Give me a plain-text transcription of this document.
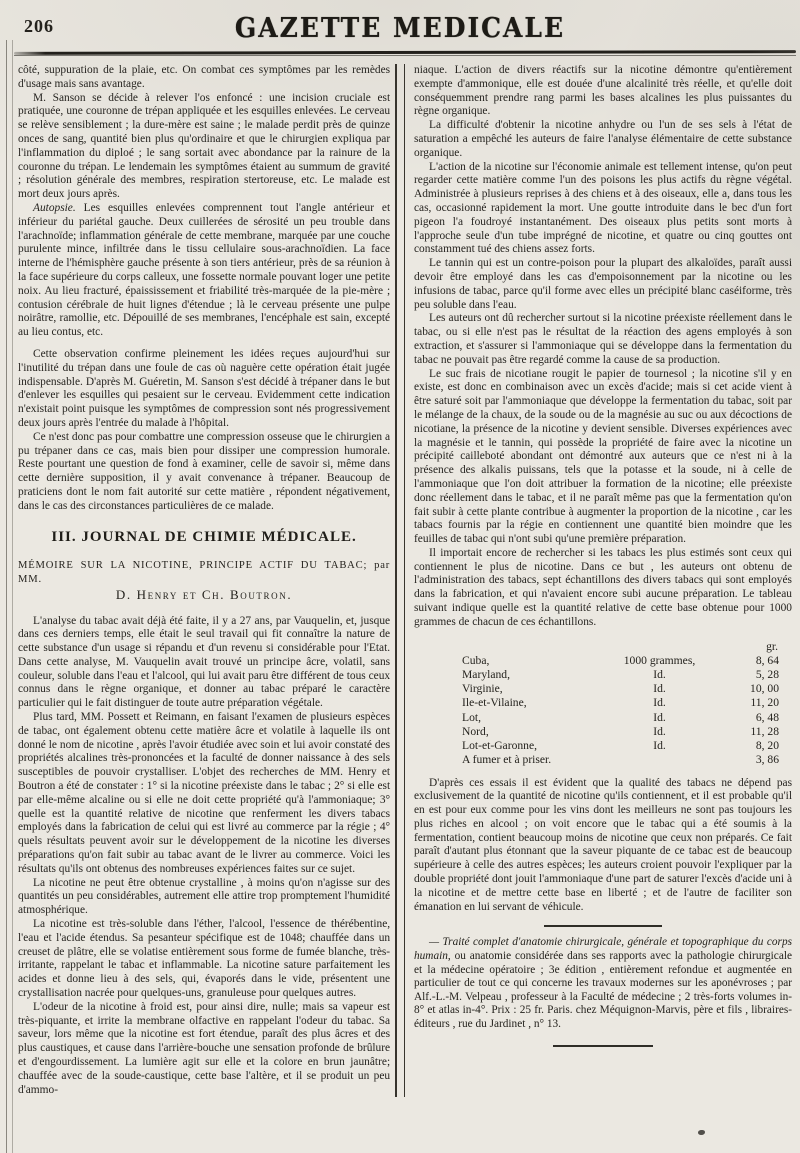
206	GAZETTE MEDICALE

côté, suppuration de la plaie, etc. On combat ces symptômes par les remèdes d'usage mais sans avantage.

M. Sanson se décide à relever l'os enfoncé : une incision cruciale est pratiquée, une couronne de trépan appliquée et les esquilles enlevées. Le cerveau se relève sensiblement ; la dure-mère est saine ; le malade perdit près de quinze onces de sang, quantité bien plus qu'ordinaire et que le chirurgien expliqua par l'inflammation du diploé ; le sang sortait avec abondance par la rainure de la couronne du trépan. Le lendemain les symptômes étaient au summum de gravité ; résolution générale des membres, respiration stertoreuse, etc. Le malade est mort deux jours après.

Autopsie. Les esquilles enlevées comprennent tout l'angle antérieur et inférieur du pariétal gauche. Deux cuillerées de sérosité un peu trouble dans l'arachnoïde; inflammation générale de cette membrane, marquée par une couche purulente mince, infiltrée dans le tissu cellulaire sous-arachnoïdien. La face interne de l'hémisphère gauche présente à son tiers antérieur, près de sa réunion à la face supérieure du corps calleux, une fossette normale pouvant loger une petite noix. Au lieu fracturé, épaississement et friabilité très-marquée de la pie-mère ; contusion cérébrale de huit lignes d'étendue ; là le cerveau présente une pulpe noirâtre, ramollie, etc. Dépouillé de ses membranes, l'encéphale est sain, excepté au lieu contus, etc.

Cette observation confirme pleinement les idées reçues aujourd'hui sur l'inutilité du trépan dans une foule de cas où naguère cette opération était jugée indispensable. D'après M. Guéretin, M. Sanson s'est décidé à trépaner dans le but d'enlever les esquilles qui pesaient sur le cerveau. Evidemment cette indication n'existait point puisque les symptômes de compression sont nés progressivement deux jours après l'entrée du malade à l'hôpital.

Ce n'est donc pas pour combattre une compression osseuse que le chirurgien a pu trépaner dans ce cas, mais bien pour dissiper une compression humorale. Reste pourtant une question de fond à examiner, celle de savoir si, même dans cette dernière supposition, il y avait convenance à trépaner. Beaucoup de praticiens dont le nom fait autorité sur cette matière , répondent négativement, dans le cas des circonstances particulières de ce malade.

III. JOURNAL DE CHIMIE MÉDICALE.

MÉMOIRE SUR LA NICOTINE, PRINCIPE ACTIF DU TABAC; par MM.

D. Henry et Ch. Boutron.

L'analyse du tabac avait déjà été faite, il y a 27 ans, par Vauquelin, et, jusque dans ces derniers temps, elle était le seul travail qui fit connaître la nature de cette substance d'un usage si répandu et d'un revenu si considérable pour l'Etat. Dans cette analyse, M. Vauquelin avait trouvé un principe âcre, volatil, sans couleur, soluble dans l'eau et l'alcool, qui lui avait paru être différent de tous ceux connus dans le règne organique, et donner au tabac préparé le caractère particulier qui le fait distinguer de toute autre préparation végétale.

Plus tard, MM. Possett et Reimann, en faisant l'examen de plusieurs espèces de tabac, ont également obtenu cette matière âcre et volatile à laquelle ils ont donné le nom de nicotine , après l'avoir étudiée avec soin et lui avoir constaté des propriétés alcalines très-prononcées et la faculté de donner naissance à des sels susceptibles de pouvoir crystalliser. L'objet des recherches de MM. Henry et Boutron a été de constater : 1° si la nicotine préexiste dans le tabac ; 2° si elle est par elle-même alcaline ou si elle ne doit cette propriété qu'à l'ammoniaque; 3° quelle est la quantité relative de nicotine que renferment les divers tabacs employés dans la fabrication de celui qui est livré au commerce par la régie ; 4° quels résultats peuvent avoir sur le développement de la nicotine les diverses préparations qu'on fait subir au tabac avant de le livrer au commerce. Voici les résultats qu'ils ont obtenus des nombreuses expériences faites sur ce sujet.

La nicotine ne peut être obtenue crystalline , à moins qu'on n'agisse sur des quantités un peu considérables, autrement elle attire trop promptement l'humidité atmosphérique.

La nicotine est très-soluble dans l'éther, l'alcool, l'essence de thérébentine, l'eau et l'acide étendus. Sa pesanteur spécifique est de 1048; chauffée dans un creuset de plâtre, elle se volatise entièrement sous forme de fumée blanche, très-irritante, rappelant le tabac et inflammable. La nicotine sature parfaitement les acides et donne lieu à des sels, qui, évaporés dans le vide, présentent une crystallisation nacrée pour quelques-uns, granuleuse pour quelques autres.

L'odeur de la nicotine à froid est, pour ainsi dire, nulle; mais sa vapeur est très-piquante, et irrite la membrane olfactive en rappelant l'odeur du tabac. Sa saveur, lors même que la nicotine est fort étendue, paraît des plus âcres et des plus caustiques, et cause dans l'arrière-bouche une sensation profonde de brûlure et d'engourdissement. La lumière agit sur elle et la colore en brun jaunâtre; chauffée avec de la soude-caustique, cette base l'altère, et il se produit un peu d'ammo-

niaque. L'action de divers réactifs sur la nicotine démontre qu'entièrement exempte d'ammonique, elle est douée d'une alcalinité très réelle, et qu'elle doit conséquemment prendre rang parmi les bases alcalines les plus puissantes du règne organique.

La difficulté d'obtenir la nicotine anhydre ou l'un de ses sels à l'état de saturation a empêché les auteurs de faire l'analyse élémentaire de cette substance organique.

L'action de la nicotine sur l'économie animale est tellement intense, qu'on peut regarder cette matière comme l'un des poisons les plus actifs du règne végétal. Administrée à plusieurs reprises à des chiens et à des oiseaux, elle a, dans tous les cas, occasionné rapidement la mort. Une goutte introduite dans le bec d'un fort pigeon l'a foudroyé instantanément. Des oiseaux plus petits sont morts à l'approche seule d'un tube imprégné de nicotine, et quatre ou cinq gouttes ont constamment tué des chiens assez forts.

Le tannin qui est un contre-poison pour la plupart des alkaloïdes, paraît aussi devoir être employé dans les cas d'empoisonnement par la nicotine ou les infusions de tabac, parce qu'il forme avec elles un précipité blanc caséiforme, très peu soluble dans l'eau.

Les auteurs ont dû rechercher surtout si la nicotine préexiste réellement dans le tabac, ou si elle n'est pas le résultat de la réaction des agens employés à son extraction, et s'assurer si l'ammoniaque qui se développe dans la fermentation du tabac ne pouvait pas être regardé comme la cause de sa production.

Le suc frais de nicotiane rougit le papier de tournesol ; la nicotine s'il y en existe, est donc en combinaison avec un excès d'acide; mais si cet acide vient à être saturé soit par l'ammoniaque que développe la fermentation du tabac, soit par le mélange de la chaux, de la soude ou de la magnésie au suc ou aux décoctions de nicotiane, la présence de la nicotine y devient sensible. Diverses expériences avec la magnésie et le tannin, qui possède la propriété de faire avec la nicotine un précipité cailleboté abondant ont démontré aux auteurs que ce n'est ni à la présence des alkalis puissans, tels que la potasse et la soude, ni à celle de l'ammoniaque que l'on doit attribuer la formation de la nicotine; elle préexiste donc réellement dans le tabac, et il ne paraît même pas que la fermentation qu'on fait subir à cette plante contribue à augmenter la proportion de la nicotine , car les tabacs fournis par la régie en contiennent une quantité bien moindre que les feuilles de tabac qui n'ont subi qu'une première préparation.

Il importait encore de rechercher si les tabacs les plus estimés sont ceux qui contiennent le plus de nicotine. Dans ce but , les auteurs ont obtenu de l'administration des tabacs, sept échantillons des divers tabacs qui sont employés dans la fabrication, et qui n'avaient encore subi aucune préparation. Le tableau suivant indique quelle est la quantité relative de cette base obtenue pour 1000 grammes de chacun de ces échantillons.

gr.
Cuba,	1000 grammes,	8, 64
Maryland,	Id.	5, 28
Virginie,	Id.	10, 00
Ile-et-Vilaine,	Id.	11, 20
Lot,	Id.	6, 48
Nord,	Id.	11, 28
Lot-et-Garonne,	Id.	8, 20
A fumer et à priser.	3, 86

D'après ces essais il est évident que la qualité des tabacs ne dépend pas exclusivement de la quantité de nicotine qu'ils contiennent, et il est probable qu'il en est pour eux comme pour les vins dont les meilleurs ne sont pas toujours les plus riches en alcool ; on voit encore que le tabac qui a été soumis à la fermentation, contient beaucoup moins de nicotine que ceux non préparés. Ce fait paraît d'autant plus étonnant que la saveur piquante de ce tabac est de beaucoup supérieure à celle des autres espèces; les auteurs croient pouvoir l'expliquer par la double propriété dont jouit l'ammoniaque d'une part de saturer l'excès d'acide uni à la nicotine et de mettre cette base en liberté ; et de l'autre de faciliter son émanation en lui servant de véhicule.

— Traité complet d'anatomie chirurgicale, générale et topographique du corps humain, ou anatomie considérée dans ses rapports avec la pathologie chirurgicale et la médecine opératoire ; 3e édition , entièrement refondue et augmentée en particulier de tout ce qui concerne les travaux modernes sur les aponévroses ; par Alf.-L.-M. Velpeau , professeur à la Faculté de médecine ; 2 très-forts volumes in-8° et atlas in-4°. Prix : 25 fr. Paris. chez Méquignon-Marvis, père et fils , libraires-éditeurs , rue du Jardinet , n° 13.
